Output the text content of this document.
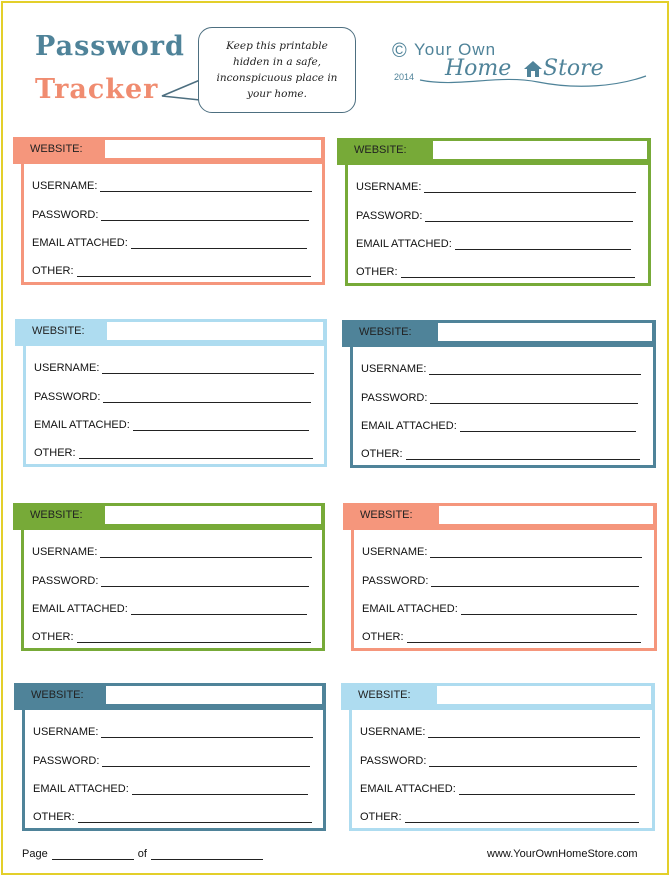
Password
Tracker
Keep this printable hidden in a safe, inconspicuous place in your home.
©
2014
Your Own
Home Store
WEBSITE:
USERNAME:
PASSWORD:
EMAIL ATTACHED:
OTHER:
WEBSITE:
USERNAME:
PASSWORD:
EMAIL ATTACHED:
OTHER:
WEBSITE:
USERNAME:
PASSWORD:
EMAIL ATTACHED:
OTHER:
WEBSITE:
USERNAME:
PASSWORD:
EMAIL ATTACHED:
OTHER:
WEBSITE:
USERNAME:
PASSWORD:
EMAIL ATTACHED:
OTHER:
WEBSITE:
USERNAME:
PASSWORD:
EMAIL ATTACHED:
OTHER:
WEBSITE:
USERNAME:
PASSWORD:
EMAIL ATTACHED:
OTHER:
WEBSITE:
USERNAME:
PASSWORD:
EMAIL ATTACHED:
OTHER:
Page	of	www.YourOwnHomeStore.com
